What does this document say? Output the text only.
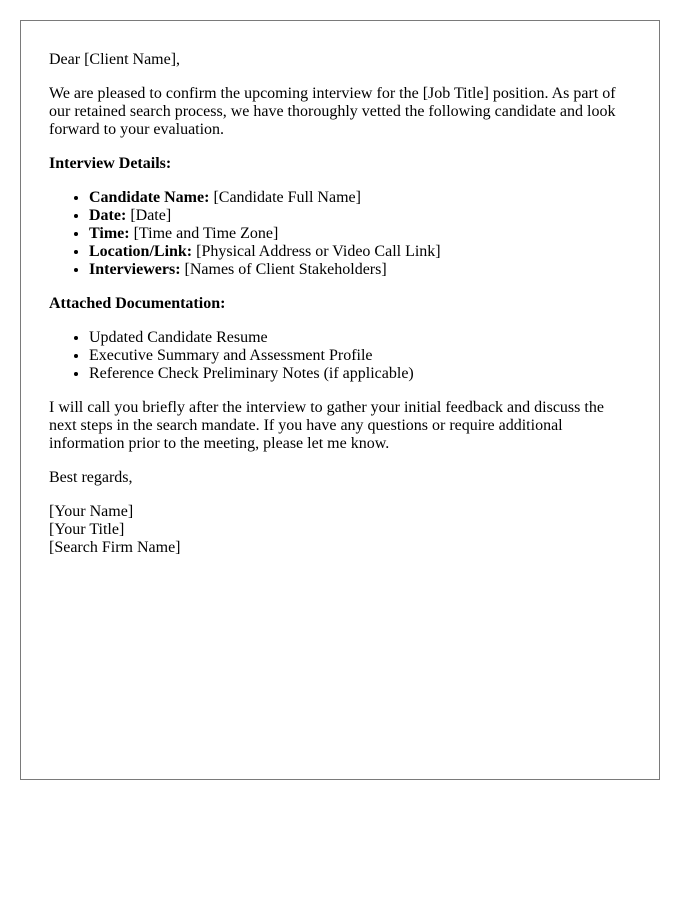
Dear [Client Name],

We are pleased to confirm the upcoming interview for the [Job Title] position. As part of our retained search process, we have thoroughly vetted the following candidate and look forward to your evaluation.

Interview Details:

• Candidate Name: [Candidate Full Name]
• Date: [Date]
• Time: [Time and Time Zone]
• Location/Link: [Physical Address or Video Call Link]
• Interviewers: [Names of Client Stakeholders]

Attached Documentation:

• Updated Candidate Resume
• Executive Summary and Assessment Profile
• Reference Check Preliminary Notes (if applicable)

I will call you briefly after the interview to gather your initial feedback and discuss the next steps in the search mandate. If you have any questions or require additional information prior to the meeting, please let me know.

Best regards,

[Your Name]
[Your Title]
[Search Firm Name]
